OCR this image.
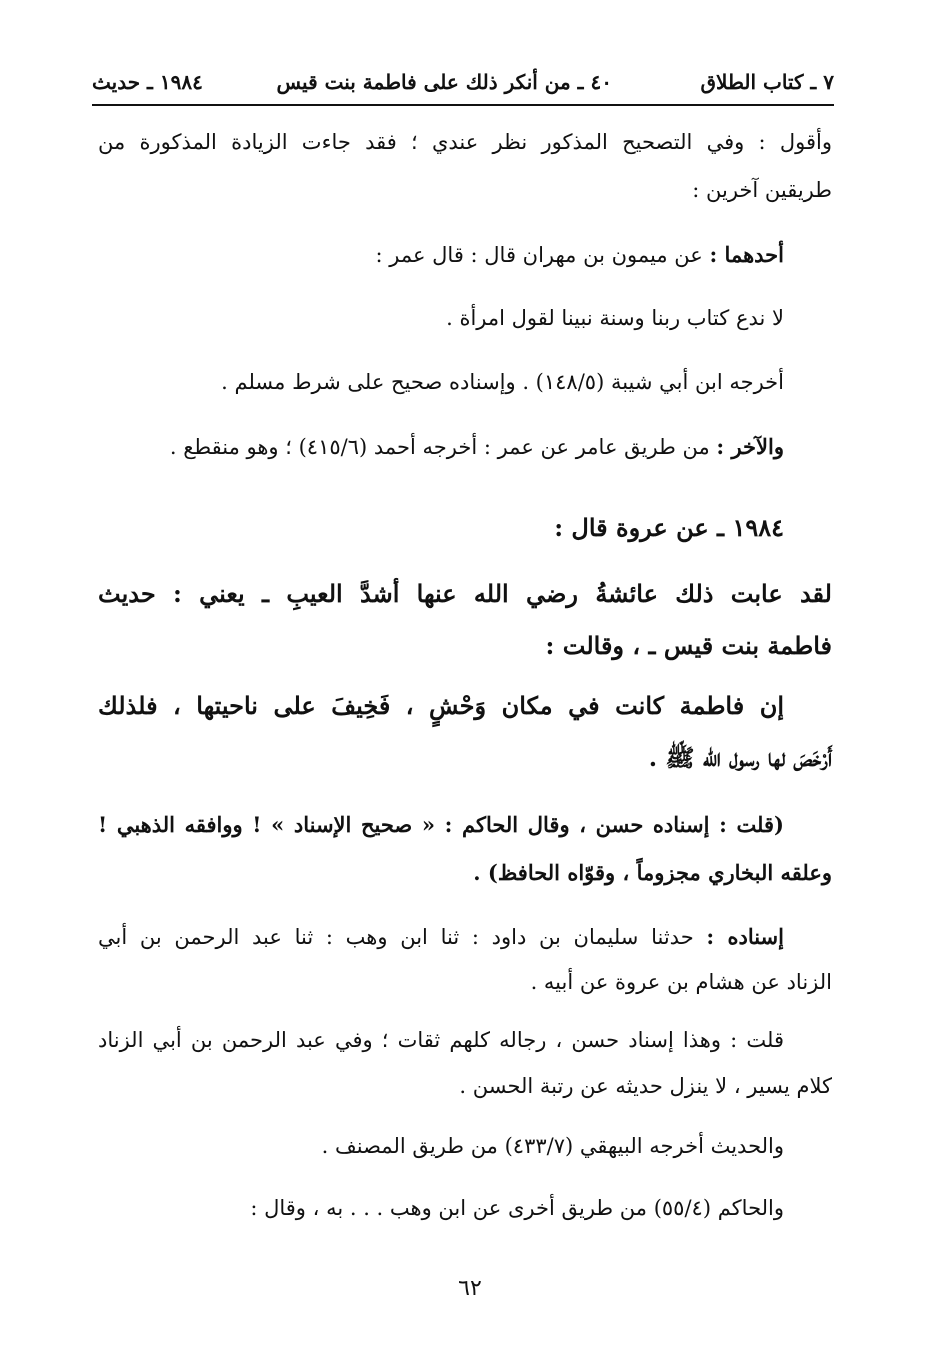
٧ ـ كتاب الطلاق
٤٠ ـ من أنكر ذلك على فاطمة بنت قيس
١٩٨٤ ـ حديث
وأقول : وفي التصحيح المذكور نظر عندي ؛ فقد جاءت الزيادة المذكورة من
طريقين آخرين :
أحدهما : عن ميمون بن مهران قال : قال عمر :
لا ندع كتاب ربنا وسنة نبينا لقول امرأة .
أخرجه ابن أبي شيبة (١٤٨/٥) . وإسناده صحيح على شرط مسلم .
والآخر : من طريق عامر عن عمر : أخرجه أحمد (٤١٥/٦) ؛ وهو منقطع .
١٩٨٤ ـ عن عروة قال :
لقد عابت ذلك عائشةُ رضي الله عنها أشدَّ العيبِ ـ يعني : حديث
فاطمة بنت قيس ـ ، وقالت :
إن فاطمة كانت في مكان وَحْشٍ ، فَخِيفَ على ناحيتها ، فلذلك
أَرْخَصَ لها رسول الله ﷺ .
(قلت : إسناده حسن ، وقال الحاكم : « صحيح الإسناد » ! ووافقه الذهبي !
وعلقه البخاري مجزوماً ، وقوّاه الحافظ) .
إسناده : حدثنا سليمان بن داود : ثنا ابن وهب : ثنا عبد الرحمن بن أبي
الزناد عن هشام بن عروة عن أبيه .
قلت : وهذا إسناد حسن ، رجاله كلهم ثقات ؛ وفي عبد الرحمن بن أبي الزناد
كلام يسير ، لا ينزل حديثه عن رتبة الحسن .
والحديث أخرجه البيهقي (٤٣٣/٧) من طريق المصنف .
والحاكم (٥٥/٤) من طريق أخرى عن ابن وهب . . . به ، وقال :
٦٢
